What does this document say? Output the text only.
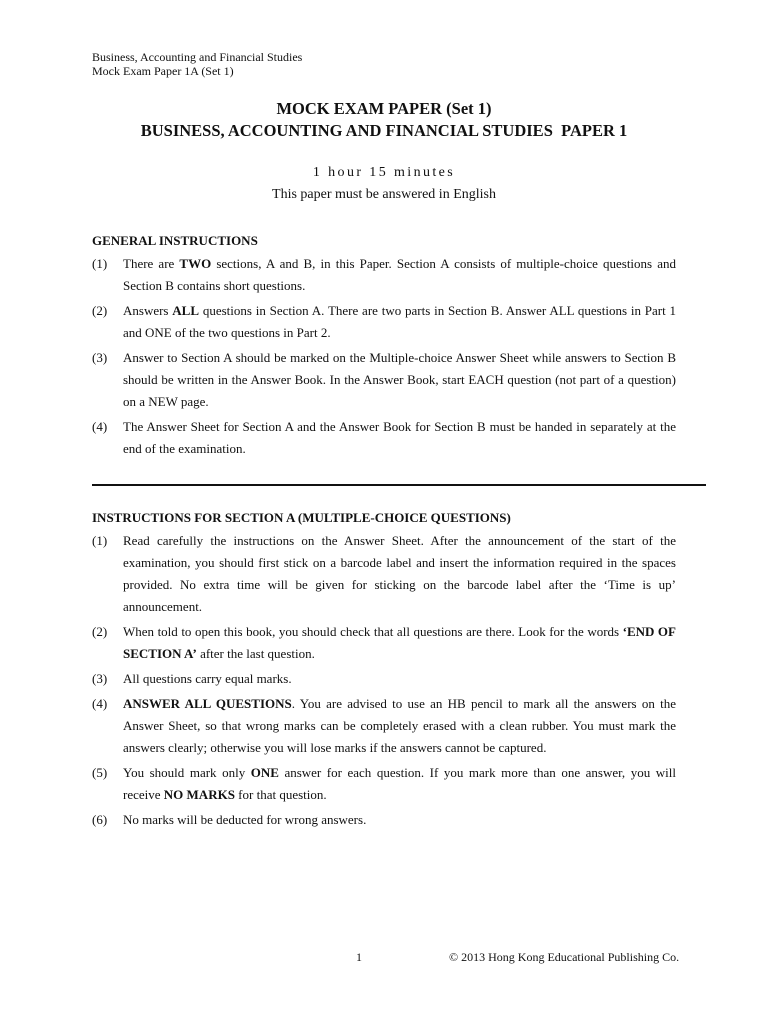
Business, Accounting and Financial Studies
Mock Exam Paper 1A (Set 1)
MOCK EXAM PAPER (Set 1)
BUSINESS, ACCOUNTING AND FINANCIAL STUDIES  PAPER 1
1 hour 15 minutes
This paper must be answered in English
GENERAL INSTRUCTIONS
(1)	There are TWO sections, A and B, in this Paper. Section A consists of multiple-choice questions and Section B contains short questions.
(2)	Answers ALL questions in Section A. There are two parts in Section B. Answer ALL questions in Part 1 and ONE of the two questions in Part 2.
(3)	Answer to Section A should be marked on the Multiple-choice Answer Sheet while answers to Section B should be written in the Answer Book. In the Answer Book, start EACH question (not part of a question) on a NEW page.
(4)	The Answer Sheet for Section A and the Answer Book for Section B must be handed in separately at the end of the examination.
INSTRUCTIONS FOR SECTION A (MULTIPLE-CHOICE QUESTIONS)
(1)	Read carefully the instructions on the Answer Sheet. After the announcement of the start of the examination, you should first stick on a barcode label and insert the information required in the spaces provided. No extra time will be given for sticking on the barcode label after the ‘Time is up’ announcement.
(2)	When told to open this book, you should check that all questions are there. Look for the words ‘END OF SECTION A’ after the last question.
(3)	All questions carry equal marks.
(4)	ANSWER ALL QUESTIONS. You are advised to use an HB pencil to mark all the answers on the Answer Sheet, so that wrong marks can be completely erased with a clean rubber. You must mark the answers clearly; otherwise you will lose marks if the answers cannot be captured.
(5)	You should mark only ONE answer for each question. If you mark more than one answer, you will receive NO MARKS for that question.
(6)	No marks will be deducted for wrong answers.
1	© 2013 Hong Kong Educational Publishing Co.
